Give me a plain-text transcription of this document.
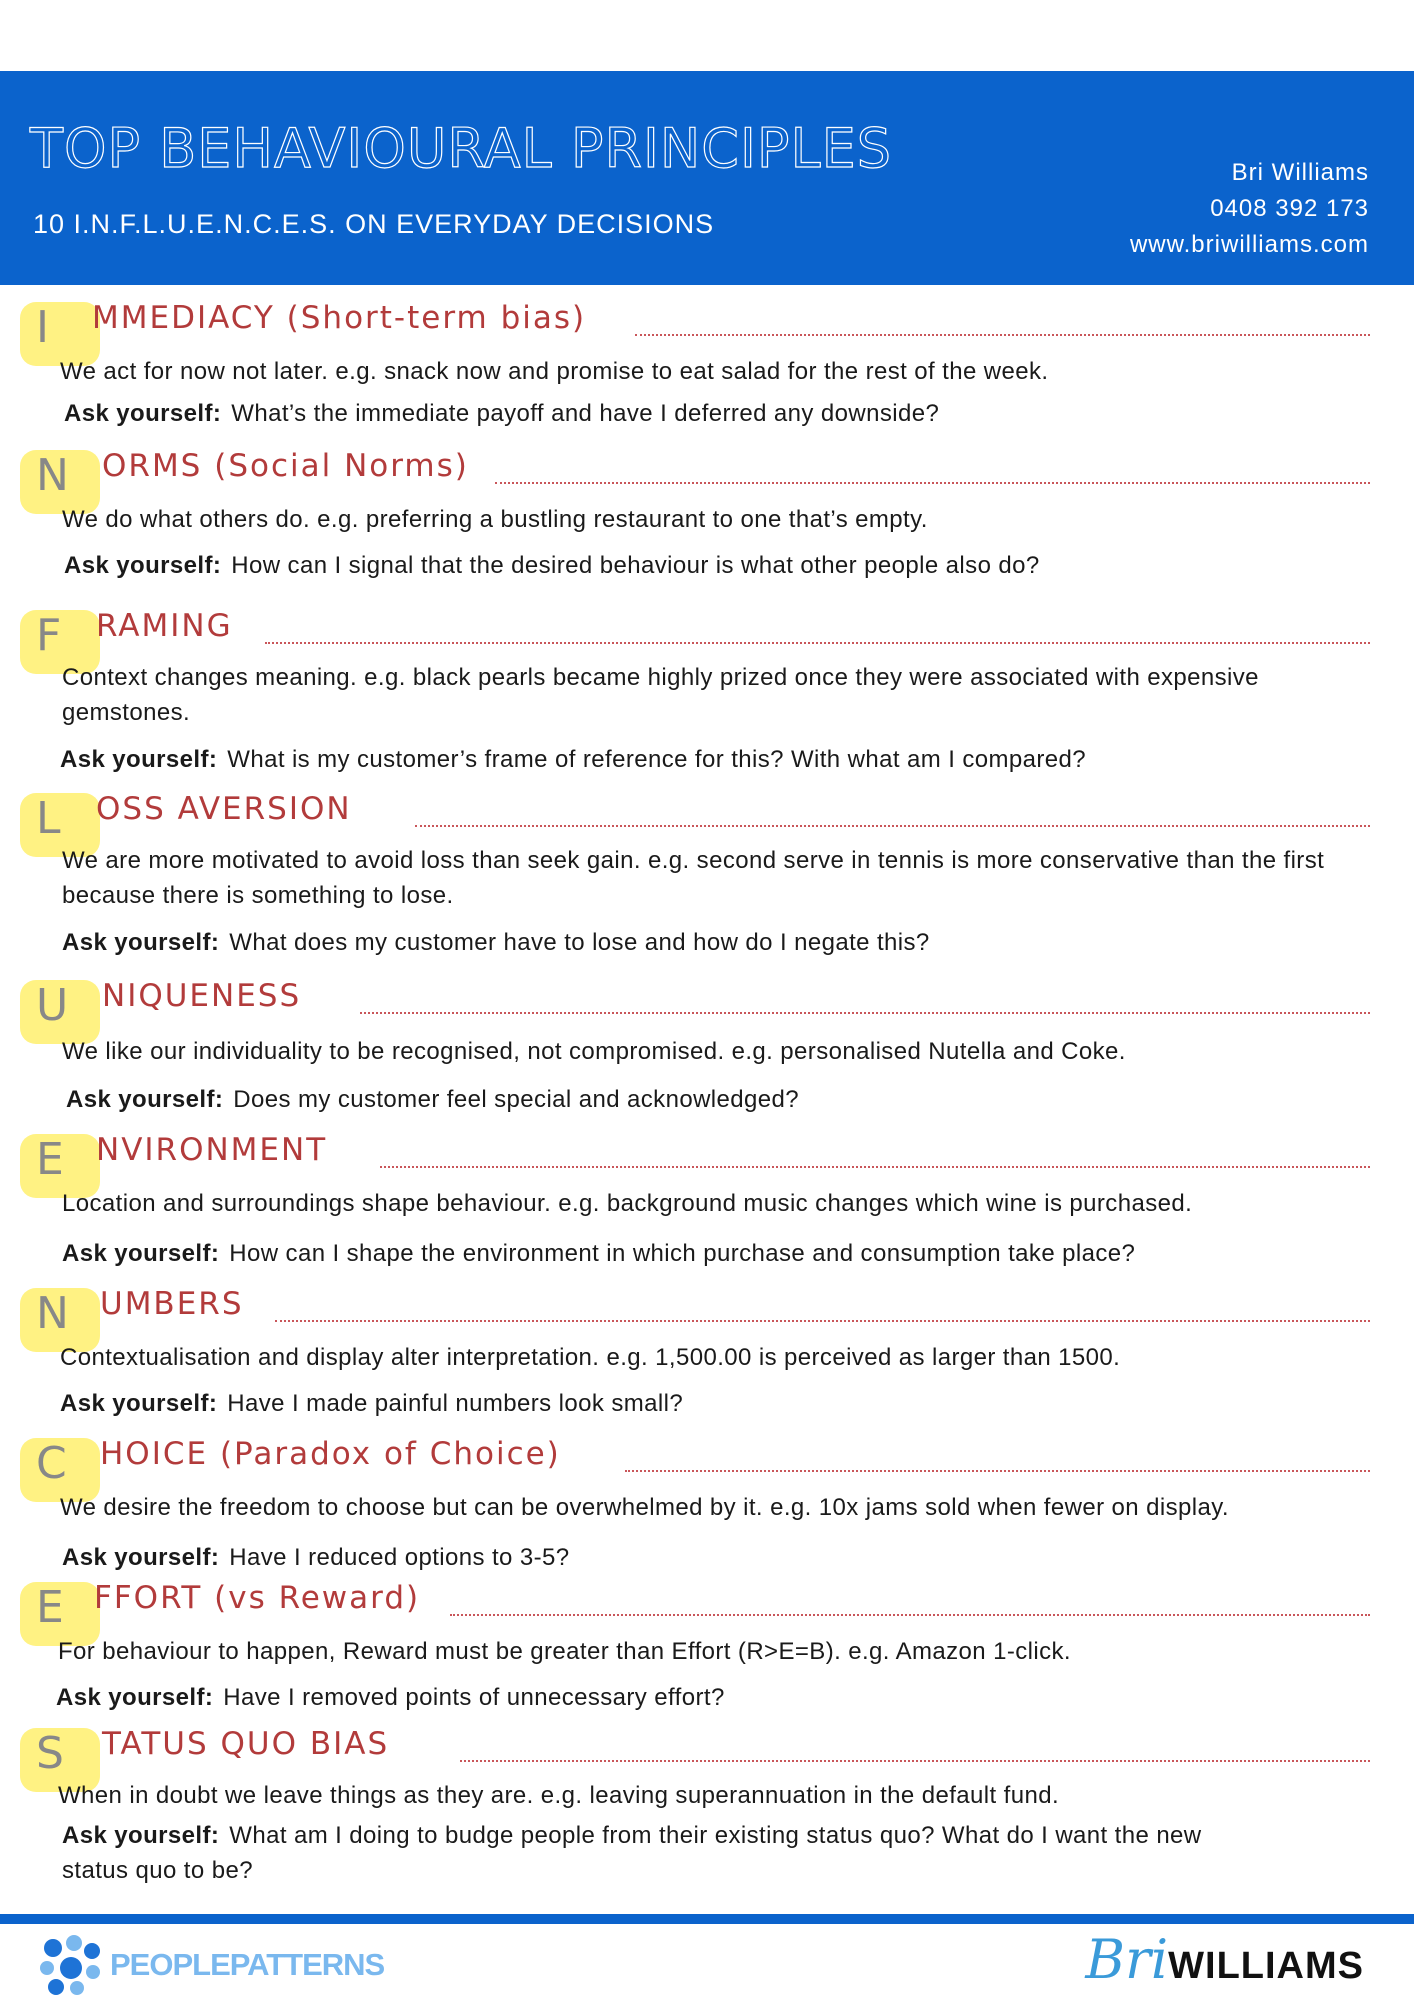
TOP BEHAVIOURAL PRINCIPLES
10 I.N.F.L.U.E.N.C.E.S. ON EVERYDAY DECISIONS
Bri Williams
0408 392 173
www.briwilliams.com
I MMEDIACY (Short-term bias)
We act for now not later. e.g. snack now and promise to eat salad for the rest of the week.
Ask yourself: What’s the immediate payoff and have I deferred any downside?
N ORMS (Social Norms)
We do what others do. e.g. preferring a bustling restaurant to one that’s empty.
Ask yourself: How can I signal that the desired behaviour is what other people also do?
F RAMING
Context changes meaning. e.g. black pearls became highly prized once they were associated with expensive gemstones.
Ask yourself: What is my customer’s frame of reference for this? With what am I compared?
L OSS AVERSION
We are more motivated to avoid loss than seek gain. e.g. second serve in tennis is more conservative than the first because there is something to lose.
Ask yourself: What does my customer have to lose and how do I negate this?
U NIQUENESS
We like our individuality to be recognised, not compromised. e.g. personalised Nutella and Coke.
Ask yourself: Does my customer feel special and acknowledged?
E NVIRONMENT
Location and surroundings shape behaviour. e.g. background music changes which wine is purchased.
Ask yourself: How can I shape the environment in which purchase and consumption take place?
N UMBERS
Contextualisation and display alter interpretation. e.g. 1,500.00 is perceived as larger than 1500.
Ask yourself: Have I made painful numbers look small?
C HOICE (Paradox of Choice)
We desire the freedom to choose but can be overwhelmed by it. e.g. 10x jams sold when fewer on display.
Ask yourself: Have I reduced options to 3-5?
E FFORT (vs Reward)
For behaviour to happen, Reward must be greater than Effort (R>E=B). e.g. Amazon 1-click.
Ask yourself: Have I removed points of unnecessary effort?
S TATUS QUO BIAS
When in doubt we leave things as they are. e.g. leaving superannuation in the default fund.
Ask yourself: What am I doing to budge people from their existing status quo? What do I want the new status quo to be?
PEOPLEPATTERNS	BriWILLIAMS
